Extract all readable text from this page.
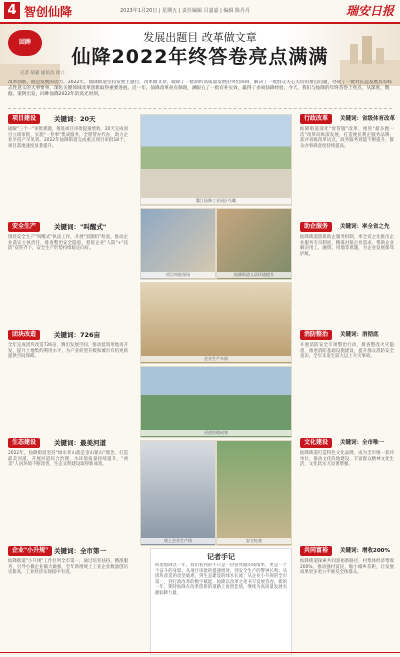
4 智创仙降	2023年1月20日 | 星期五 | 责任编辑 吕嘉嘉 | 编辑 陈丹丹	瑞安日报
回眸	发展出题目 改革做文章
仙降2022年终答卷亮点满满
记者 胡嘉 通讯员 徐立
改革创新，既是发展的动力。2022年，仙降街道坚持发展主题目，改革做文章，破除了一批制约高质量发展的突出障碍，解决了一批群众关心关切的难点问题，办成了一批对长远发展具有标志性意义的大事要事，深化关键领域改革创新取得重要进展。近一年，仙降改革亮点频现，满眼五了一批有补实效，赢得了多项仙降经验，今天，我们与仙降的年终答卷上亮点，从深度、数据、案例出发，回眸仙降2022年的高光时刻。
项目建设	关键词：20天
破解"三个一"审批难题，推进项目审批提速增效，20天完成项目立项审批，实施"一件事"集成服务，全程帮办代办，助力企业早投产早见效。2022年仙降街道完成重点项目审批18个，项目落地速度显著提升。
安全生产	关键词："叫醒式"
围绕安全生产"叫醒式"执法工作，开展"双随机"检查，推动企业落实主体责任，排查整治安全隐患，督促企业"人防"+"技防"双管齐下，安全生产形势持续稳定向好。
团块改造	关键词：726亩
全年完成团块改造726亩，腾出发展空间，推动低效用地再开发，提升土地集约利用水平，为产业转型升级和城市有机更新提供空间保障。
生态建设	关键词：最美河道
2022年，仙降街道坚持"绿水青山就是金山银山"理念，打造最美河道，开展河道综合治理，水环境质量持续提升，"两美"人居环境不断改善，生态文明建设取得新成效。
企业"小升规" 关键词：全市第一
仙降街道"小升规"工作位列全市第一，通过培育扶持、精准服务，引导小微企业做大做强，全年新增规上工业企业数量创历史新高，工业经济实现稳中有进。
鳌江仙降工业园区鸟瞰
项目审批现场	仙降街道人居环境提升
企业生产车间
河道治理成效
规上企业生产线	安全检查
记者手记
回望仙降这一年，我们看到的不只是一份份亮眼的成绩单，更是一个个奋斗的身影。从项目审批的提速增效，到安全生产的警钟长鸣；从团块改造的攻坚破难，到生态建设的绿水长流；从企业小升规的全市第一，到行政改革的数字赋能，仙降以改革之笔书写发展答卷。新的一年，期待仙降在改革创新的道路上再创佳绩，继续为高质量发展贡献仙降力量。
行政改革	关键词：省级体育改革
仙降街道深化"放管服"改革，推进"最多跑一次"改革向纵深发展，打造便民利企服务品牌，获评省级改革试点，政务服务效能不断提升，群众办事满意度持续提高。
助企服务	关键词：率全省之先
仙降街道创新助企服务机制，率全省之先推出企业服务专员制度，精准对接企业需求，帮助企业解决用工、融资、用地等难题，为企业发展保驾护航。
消防整治	关键词：消彻底
开展消防安全专项整治行动，排查整改火灾隐患，推进消防基础设施建设，提升群众消防安全意识，全年未发生较大以上火灾事故。
文化建设	关键词：全市唯一
仙降街道打造特色文化品牌，成为全市唯一获评单位，推动文化阵地建设，丰富群众精神文化生活，文化软实力显著增强。
共同富裕	关键词：增收200%
仙降街道探索共同富裕新路径，村集体经济增收200%，推动强村富民，缩小城乡差距，让发展成果更多更公平惠及全体群众。
